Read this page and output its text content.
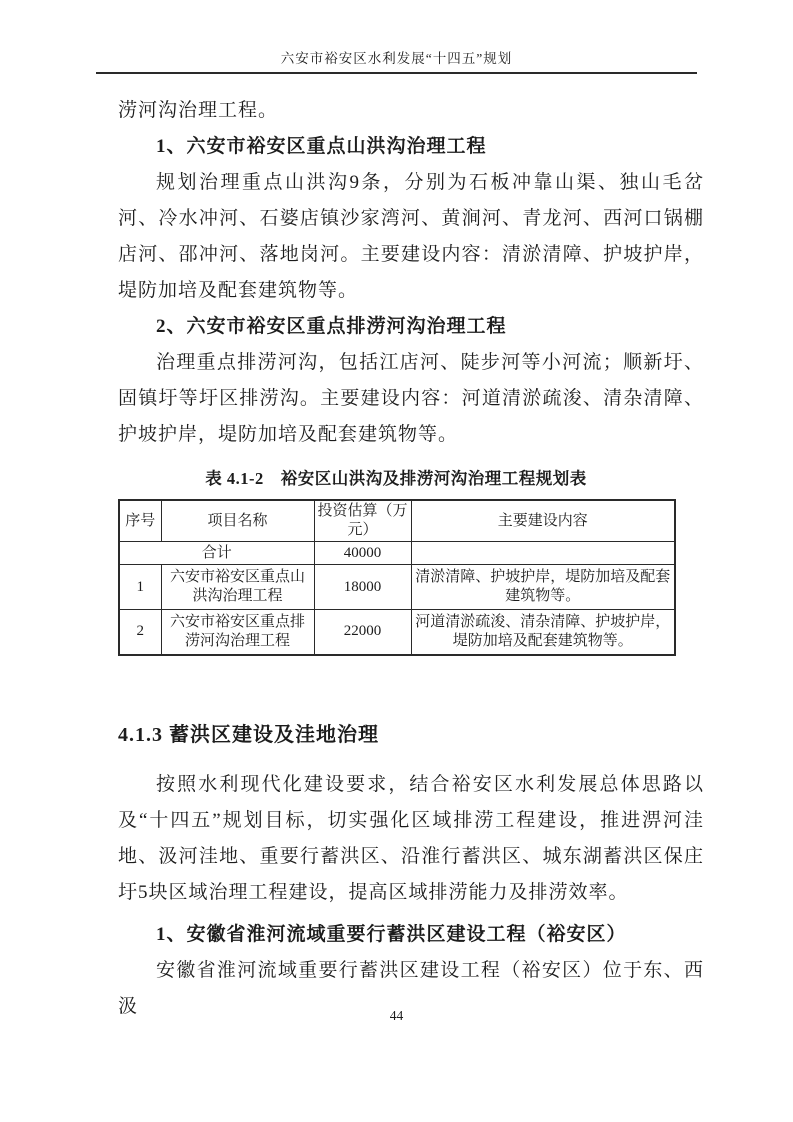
六安市裕安区水利发展“十四五”规划

涝河沟治理工程。

1、六安市裕安区重点山洪沟治理工程

规划治理重点山洪沟9条，分别为石板冲靠山渠、独山毛岔河、冷水冲河、石婆店镇沙家湾河、黄涧河、青龙河、西河口锅棚店河、邵冲河、落地岗河。主要建设内容：清淤清障、护坡护岸，堤防加培及配套建筑物等。

2、六安市裕安区重点排涝河沟治理工程

治理重点排涝河沟，包括江店河、陡步河等小河流；顺新圩、固镇圩等圩区排涝沟。主要建设内容：河道清淤疏浚、清杂清障、护坡护岸，堤防加培及配套建筑物等。

表 4.1-2　裕安区山洪沟及排涝河沟治理工程规划表
序号	项目名称	投资估算（万元）	主要建设内容
合计		40000	
1	六安市裕安区重点山洪沟治理工程	18000	清淤清障、护坡护岸，堤防加培及配套建筑物等。
2	六安市裕安区重点排涝河沟治理工程	22000	河道清淤疏浚、清杂清障、护坡护岸，堤防加培及配套建筑物等。
4.1.3 蓄洪区建设及洼地治理

按照水利现代化建设要求，结合裕安区水利发展总体思路以及“十四五”规划目标，切实强化区域排涝工程建设，推进淠河洼地、汲河洼地、重要行蓄洪区、沿淮行蓄洪区、城东湖蓄洪区保庄圩5块区域治理工程建设，提高区域排涝能力及排涝效率。

1、安徽省淮河流域重要行蓄洪区建设工程（裕安区）

安徽省淮河流域重要行蓄洪区建设工程（裕安区）位于东、西汲	44
